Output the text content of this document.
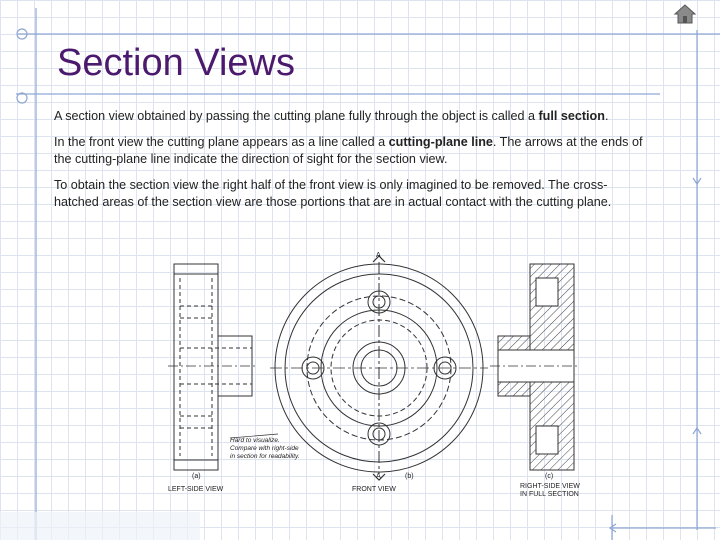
Section Views

A section view obtained by passing the cutting plane fully through the object is called a full section.

In the front view the cutting plane appears as a line called a cutting-plane line. The arrows at the ends of the cutting-plane line indicate the direction of sight for the section view.

To obtain the section view the right half of the front view is only imagined to be removed. The cross-hatched areas of the section view are those portions that are in actual contact with the cutting plane.

A
A
(a)	(b)	(c)
LEFT-SIDE VIEW	FRONT VIEW	RIGHT-SIDE VIEW
IN FULL SECTION
Hard to visualize.
Compare with right-side
in section for readability.
